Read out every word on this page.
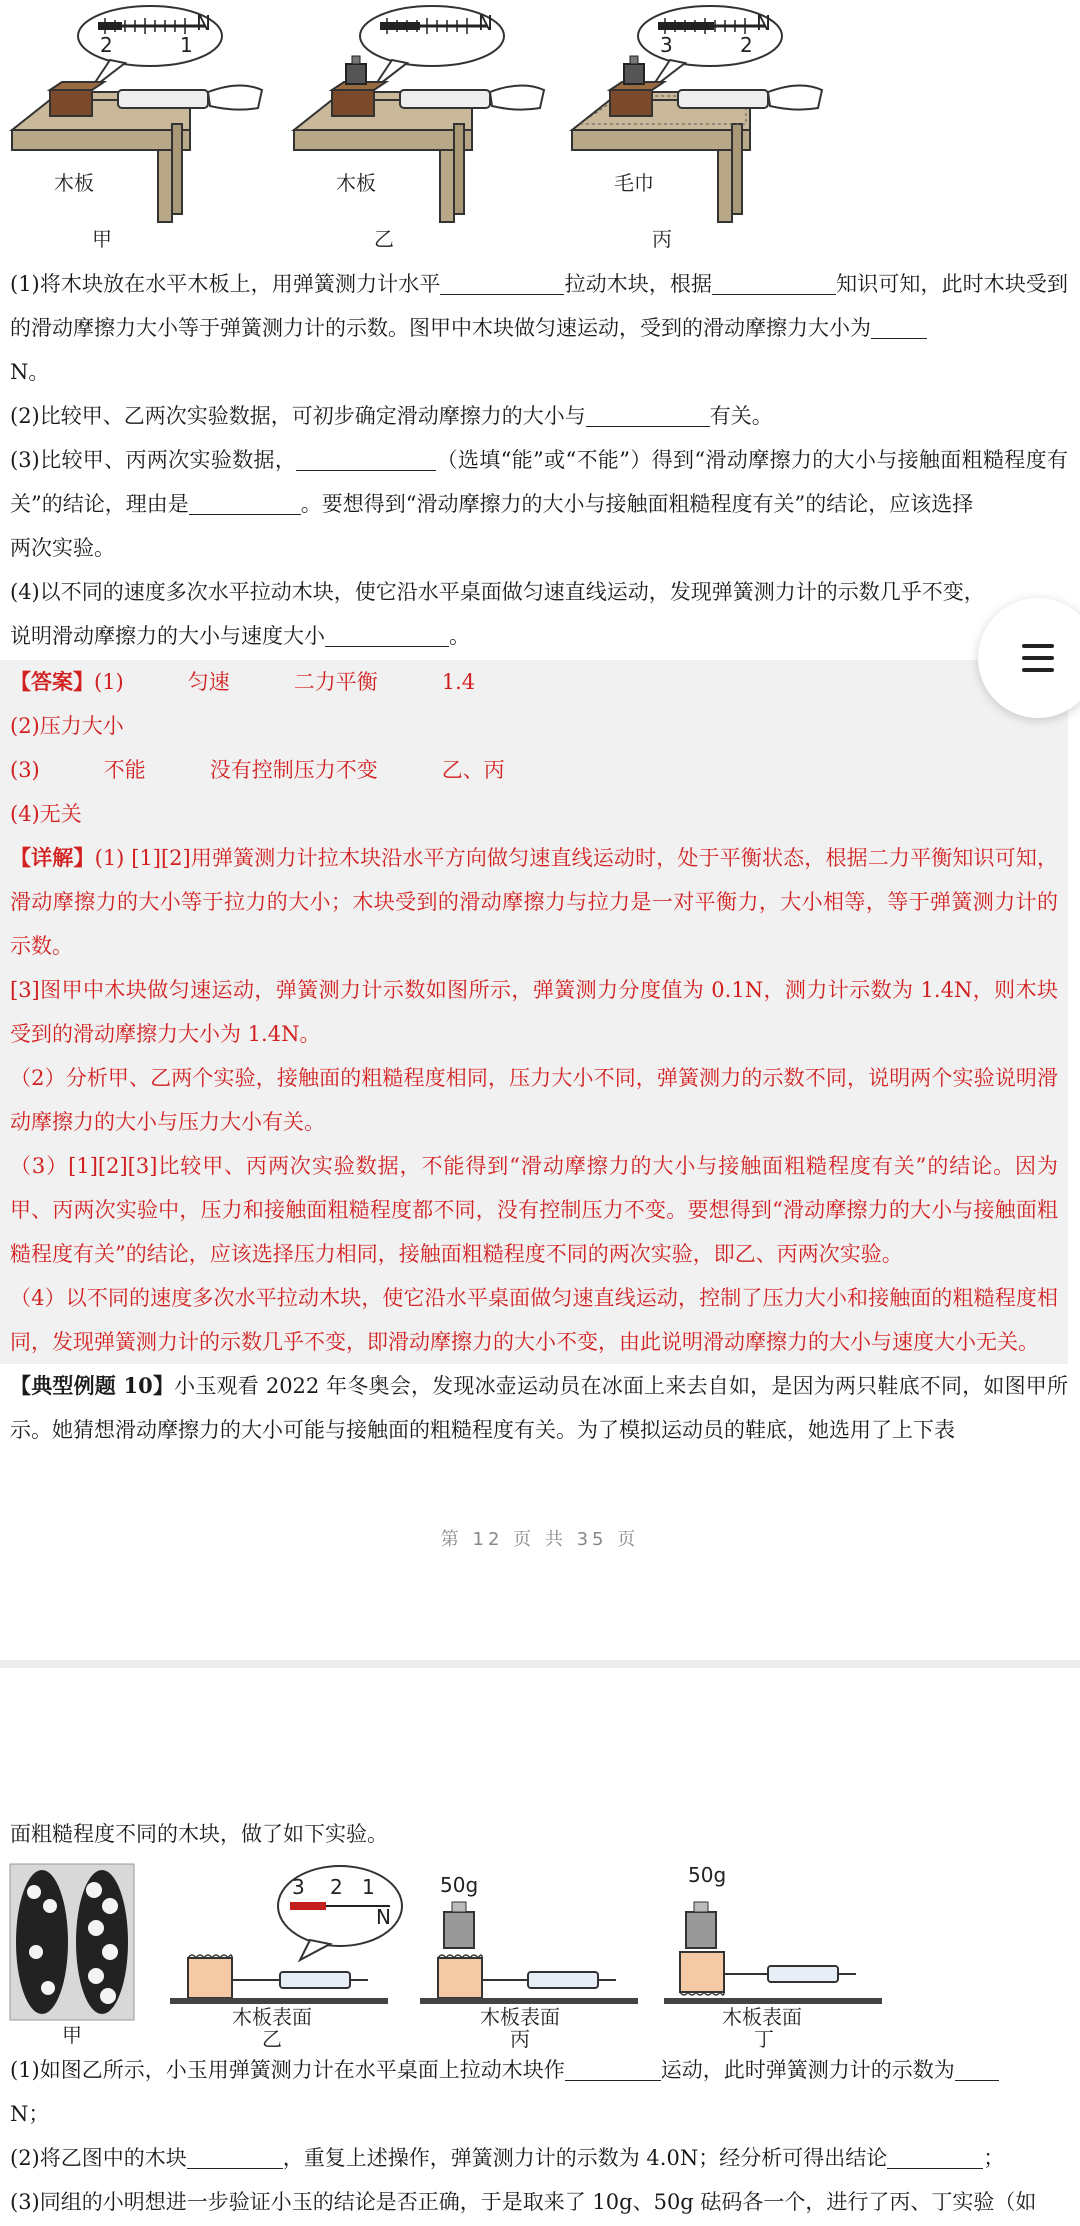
2	1
N
木板
甲
N
木板
乙
3	2
N
毛巾
丙
(1)将木块放在水平木板上，用弹簧测力计水平	拉动木块，根据	知识可知，此时木块受到的滑动摩擦力大小等于弹簧测力计的示数。图甲中木块做匀速运动，受到的滑动摩擦力大小为
N。
(2)比较甲、乙两次实验数据，可初步确定滑动摩擦力的大小与	有关。
(3)比较甲、丙两次实验数据，	（选填“能”或“不能”）得到“滑动摩擦力的大小与接触面粗糙程度有关”的结论，理由是	。要想得到“滑动摩擦力的大小与接触面粗糙程度有关”的结论，应该选择
两次实验。
(4)以不同的速度多次水平拉动木块，使它沿水平桌面做匀速直线运动，发现弹簧测力计的示数几乎不变，
说明滑动摩擦力的大小与速度大小	。
【答案】(1)	匀速	二力平衡	1.4
(2)压力大小
(3)	不能	没有控制压力不变	乙、丙
(4)无关
【详解】(1) [1][2]用弹簧测力计拉木块沿水平方向做匀速直线运动时，处于平衡状态，根据二力平衡知识可知，滑动摩擦力的大小等于拉力的大小；木块受到的滑动摩擦力与拉力是一对平衡力，大小相等，等于弹簧测力计的示数。
[3]图甲中木块做匀速运动，弹簧测力计示数如图所示，弹簧测力分度值为 0.1N，测力计示数为 1.4N，则木块受到的滑动摩擦力大小为 1.4N。
（2）分析甲、乙两个实验，接触面的粗糙程度相同，压力大小不同，弹簧测力的示数不同，说明两个实验说明滑动摩擦力的大小与压力大小有关。
（3）[1][2][3]比较甲、丙两次实验数据，不能得到“滑动摩擦力的大小与接触面粗糙程度有关”的结论。因为甲、丙两次实验中，压力和接触面粗糙程度都不同，没有控制压力不变。要想得到“滑动摩擦力的大小与接触面粗糙程度有关”的结论，应该选择压力相同，接触面粗糙程度不同的两次实验，即乙、丙两次实验。
（4）以不同的速度多次水平拉动木块，使它沿水平桌面做匀速直线运动，控制了压力大小和接触面的粗糙程度相同，发现弹簧测力计的示数几乎不变，即滑动摩擦力的大小不变，由此说明滑动摩擦力的大小与速度大小无关。
【典型例题 10】小玉观看 2022 年冬奥会，发现冰壶运动员在冰面上来去自如，是因为两只鞋底不同，如图甲所示。她猜想滑动摩擦力的大小可能与接触面的粗糙程度有关。为了模拟运动员的鞋底，她选用了上下表
第 12 页 共 35 页
面粗糙程度不同的木块，做了如下实验。
甲
3 2 1
N
木板表面
乙
50g
木板表面
丙
50g
木板表面
丁
(1)如图乙所示，小玉用弹簧测力计在水平桌面上拉动木块作	运动，此时弹簧测力计的示数为
N；
(2)将乙图中的木块	，重复上述操作，弹簧测力计的示数为 4.0N；经分析可得出结论	；
(3)同组的小明想进一步验证小玉的结论是否正确，于是取来了 10g、50g 砝码各一个，进行了丙、丁实验（如
